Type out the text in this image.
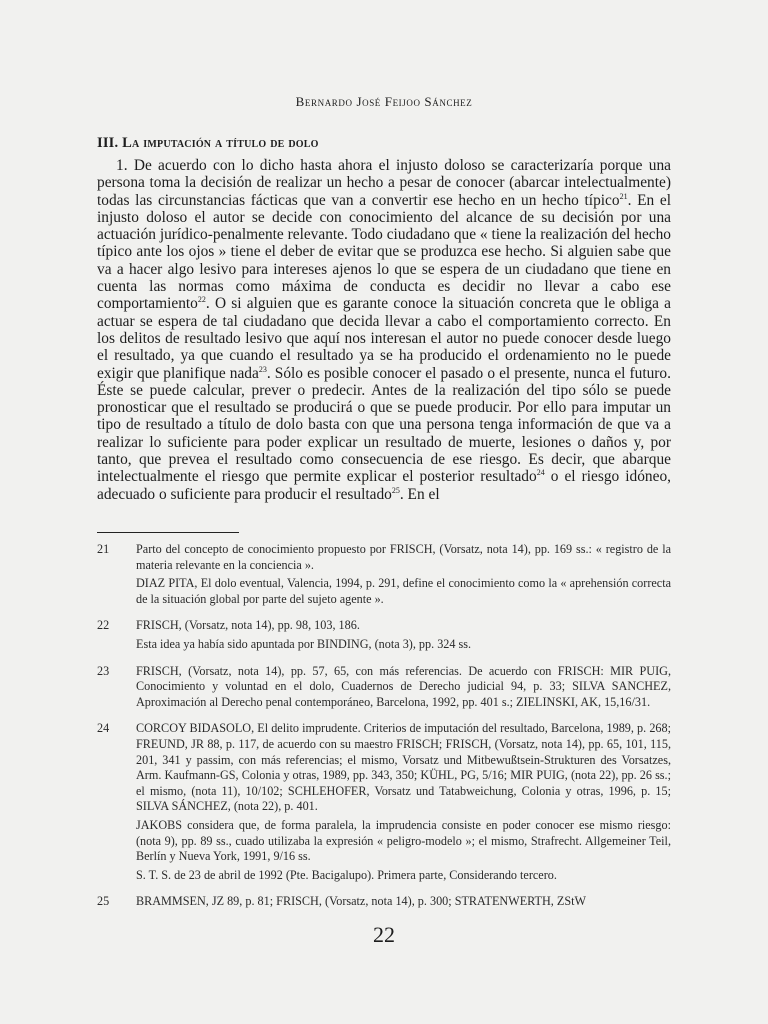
Bernardo José Feijoo Sánchez
III. La imputación a título de dolo

1. De acuerdo con lo dicho hasta ahora el injusto doloso se caracterizaría porque una persona toma la decisión de realizar un hecho a pesar de conocer (abarcar intelectualmente) todas las circunstancias fácticas que van a convertir ese hecho en un hecho típico$^{21}$. En el injusto doloso el autor se decide con conocimiento del alcance de su decisión por una actuación jurídico-penalmente relevante. Todo ciudadano que « tiene la realización del hecho típico ante los ojos » tiene el deber de evitar que se produzca ese hecho. Si alguien sabe que va a hacer algo lesivo para intereses ajenos lo que se espera de un ciudadano que tiene en cuenta las normas como máxima de conducta es decidir no llevar a cabo ese comportamiento$^{22}$. O si alguien que es garante conoce la situación concreta que le obliga a actuar se espera de tal ciudadano que decida llevar a cabo el comportamiento correcto. En los delitos de resultado lesivo que aquí nos interesan el autor no puede conocer desde luego el resultado, ya que cuando el resultado ya se ha producido el ordenamiento no le puede exigir que planifique nada$^{23}$. Sólo es posible conocer el pasado o el presente, nunca el futuro. Éste se puede calcular, prever o predecir. Antes de la realización del tipo sólo se puede pronosticar que el resultado se producirá o que se puede producir. Por ello para imputar un tipo de resultado a título de dolo basta con que una persona tenga información de que va a realizar lo suficiente para poder explicar un resultado de muerte, lesiones o daños y, por tanto, que prevea el resultado como consecuencia de ese riesgo. Es decir, que abarque intelectualmente el riesgo que permite explicar el posterior resultado$^{24}$ o el riesgo idóneo, adecuado o suficiente para producir el resultado$^{25}$. En el

21	Parto del concepto de conocimiento propuesto por FRISCH, (Vorsatz, nota 14), pp. 169 ss.: « registro de la materia relevante en la conciencia ».

DIAZ PITA, El dolo eventual, Valencia, 1994, p. 291, define el conocimiento como la « aprehensión correcta de la situación global por parte del sujeto agente ».

22	FRISCH, (Vorsatz, nota 14), pp. 98, 103, 186.

Esta idea ya había sido apuntada por BINDING, (nota 3), pp. 324 ss.

23	FRISCH, (Vorsatz, nota 14), pp. 57, 65, con más referencias. De acuerdo con FRISCH: MIR PUIG, Conocimiento y voluntad en el dolo, Cuadernos de Derecho judicial 94, p. 33; SILVA SANCHEZ, Aproximación al Derecho penal contemporáneo, Barcelona, 1992, pp. 401 s.; ZIELINSKI, AK, 15,16/31.

24	CORCOY BIDASOLO, El delito imprudente. Criterios de imputación del resultado, Barcelona, 1989, p. 268; FREUND, JR 88, p. 117, de acuerdo con su maestro FRISCH; FRISCH, (Vorsatz, nota 14), pp. 65, 101, 115, 201, 341 y passim, con más referencias; el mismo, Vorsatz und Mitbewußtsein-Strukturen des Vorsatzes, Arm. Kaufmann-GS, Colonia y otras, 1989, pp. 343, 350; KÜHL, PG, 5/16; MIR PUIG, (nota 22), pp. 26 ss.; el mismo, (nota 11), 10/102; SCHLEHOFER, Vorsatz und Tatabweichung, Colonia y otras, 1996, p. 15; SILVA SÁNCHEZ, (nota 22), p. 401.

JAKOBS considera que, de forma paralela, la imprudencia consiste en poder conocer ese mismo riesgo: (nota 9), pp. 89 ss., cuado utilizaba la expresión « peligro-modelo »; el mismo, Strafrecht. Allgemeiner Teil, Berlín y Nueva York, 1991, 9/16 ss.

S. T. S. de 23 de abril de 1992 (Pte. Bacigalupo). Primera parte, Considerando tercero.

25	BRAMMSEN, JZ 89, p. 81; FRISCH, (Vorsatz, nota 14), p. 300; STRATENWERTH, ZStW

22
